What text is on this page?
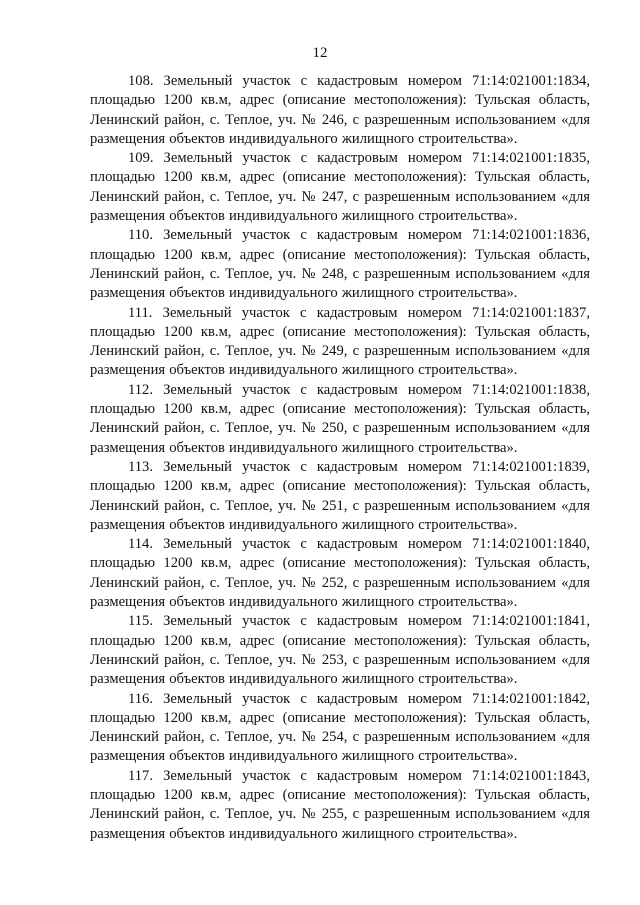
12

108. Земельный участок с кадастровым номером 71:14:021001:1834, площадью 1200 кв.м, адрес (описание местоположения): Тульская область, Ленинский район, с. Теплое, уч. № 246, с разрешенным использованием «для размещения объектов индивидуального жилищного строительства».

109. Земельный участок с кадастровым номером 71:14:021001:1835, площадью 1200 кв.м, адрес (описание местоположения): Тульская область, Ленинский район, с. Теплое, уч. № 247, с разрешенным использованием «для размещения объектов индивидуального жилищного строительства».

110. Земельный участок с кадастровым номером 71:14:021001:1836, площадью 1200 кв.м, адрес (описание местоположения): Тульская область, Ленинский район, с. Теплое, уч. № 248, с разрешенным использованием «для размещения объектов индивидуального жилищного строительства».

111. Земельный участок с кадастровым номером 71:14:021001:1837, площадью 1200 кв.м, адрес (описание местоположения): Тульская область, Ленинский район, с. Теплое, уч. № 249, с разрешенным использованием «для размещения объектов индивидуального жилищного строительства».

112. Земельный участок с кадастровым номером 71:14:021001:1838, площадью 1200 кв.м, адрес (описание местоположения): Тульская область, Ленинский район, с. Теплое, уч. № 250, с разрешенным использованием «для размещения объектов индивидуального жилищного строительства».

113. Земельный участок с кадастровым номером 71:14:021001:1839, площадью 1200 кв.м, адрес (описание местоположения): Тульская область, Ленинский район, с. Теплое, уч. № 251, с разрешенным использованием «для размещения объектов индивидуального жилищного строительства».

114. Земельный участок с кадастровым номером 71:14:021001:1840, площадью 1200 кв.м, адрес (описание местоположения): Тульская область, Ленинский район, с. Теплое, уч. № 252, с разрешенным использованием «для размещения объектов индивидуального жилищного строительства».

115. Земельный участок с кадастровым номером 71:14:021001:1841, площадью 1200 кв.м, адрес (описание местоположения): Тульская область, Ленинский район, с. Теплое, уч. № 253, с разрешенным использованием «для размещения объектов индивидуального жилищного строительства».

116. Земельный участок с кадастровым номером 71:14:021001:1842, площадью 1200 кв.м, адрес (описание местоположения): Тульская область, Ленинский район, с. Теплое, уч. № 254, с разрешенным использованием «для размещения объектов индивидуального жилищного строительства».

117. Земельный участок с кадастровым номером 71:14:021001:1843, площадью 1200 кв.м, адрес (описание местоположения): Тульская область, Ленинский район, с. Теплое, уч. № 255, с разрешенным использованием «для размещения объектов индивидуального жилищного строительства».
